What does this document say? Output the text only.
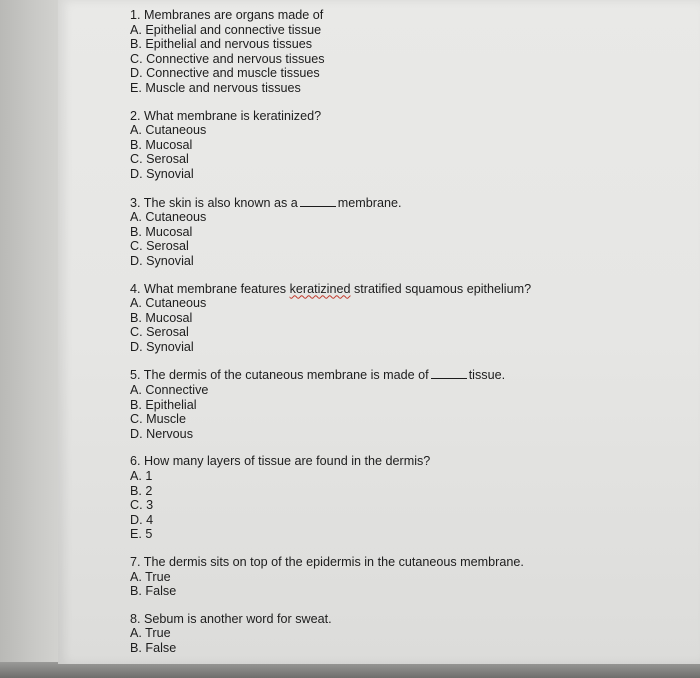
1. Membranes are organs made of
A. Epithelial and connective tissue
B. Epithelial and nervous tissues
C. Connective and nervous tissues
D. Connective and muscle tissues
E. Muscle and nervous tissues
2. What membrane is keratinized?
A. Cutaneous
B. Mucosal
C. Serosal
D. Synovial
3. The skin is also known as a	membrane.
A. Cutaneous
B. Mucosal
C. Serosal
D. Synovial
4. What membrane features keratizined stratified squamous epithelium?
A. Cutaneous
B. Mucosal
C. Serosal
D. Synovial
5. The dermis of the cutaneous membrane is made of	tissue.
A. Connective
B. Epithelial
C. Muscle
D. Nervous
6. How many layers of tissue are found in the dermis?
A. 1
B. 2
C. 3
D. 4
E. 5
7. The dermis sits on top of the epidermis in the cutaneous membrane.
A. True
B. False
8. Sebum is another word for sweat.
A. True
B. False
